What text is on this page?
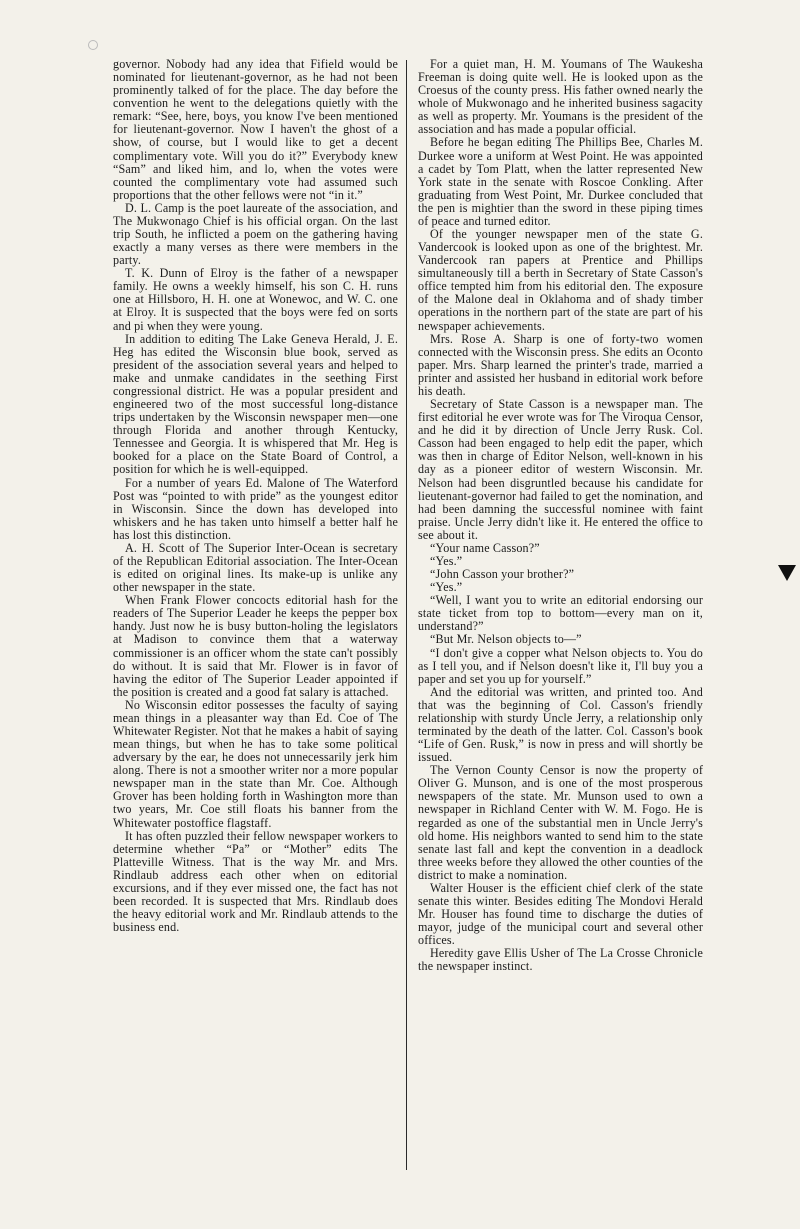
governor. Nobody had any idea that Fifield would be nominated for lieutenant-governor, as he had not been prominently talked of for the place. The day before the convention he went to the delegations quietly with the remark: “See, here, boys, you know I've been mentioned for lieutenant-governor. Now I haven't the ghost of a show, of course, but I would like to get a decent complimentary vote. Will you do it?” Everybody knew “Sam” and liked him, and lo, when the votes were counted the complimentary vote had assumed such proportions that the other fellows were not “in it.”

D. L. Camp is the poet laureate of the association, and The Mukwonago Chief is his official organ. On the last trip South, he inflicted a poem on the gathering having exactly a many verses as there were members in the party.

T. K. Dunn of Elroy is the father of a newspaper family. He owns a weekly himself, his son C. H. runs one at Hillsboro, H. H. one at Wonewoc, and W. C. one at Elroy. It is suspected that the boys were fed on sorts and pi when they were young.

In addition to editing The Lake Geneva Herald, J. E. Heg has edited the Wisconsin blue book, served as president of the association several years and helped to make and unmake candidates in the seething First congressional district. He was a popular president and engineered two of the most successful long-distance trips undertaken by the Wisconsin newspaper men—one through Florida and another through Kentucky, Tennessee and Georgia. It is whispered that Mr. Heg is booked for a place on the State Board of Control, a position for which he is well-equipped.

For a number of years Ed. Malone of The Waterford Post was “pointed to with pride” as the youngest editor in Wisconsin. Since the down has developed into whiskers and he has taken unto himself a better half he has lost this distinction.

A. H. Scott of The Superior Inter-Ocean is secretary of the Republican Editorial association. The Inter-Ocean is edited on original lines. Its make-up is unlike any other newspaper in the state.

When Frank Flower concocts editorial hash for the readers of The Superior Leader he keeps the pepper box handy. Just now he is busy button-holing the legislators at Madison to convince them that a waterway commissioner is an officer whom the state can't possibly do without. It is said that Mr. Flower is in favor of having the editor of The Superior Leader appointed if the position is created and a good fat salary is attached.

No Wisconsin editor possesses the faculty of saying mean things in a pleasanter way than Ed. Coe of The Whitewater Register. Not that he makes a habit of saying mean things, but when he has to take some political adversary by the ear, he does not unnecessarily jerk him along. There is not a smoother writer nor a more popular newspaper man in the state than Mr. Coe. Although Grover has been holding forth in Washington more than two years, Mr. Coe still floats his banner from the Whitewater postoffice flagstaff.

It has often puzzled their fellow newspaper workers to determine whether “Pa” or “Mother” edits The Platteville Witness. That is the way Mr. and Mrs. Rindlaub address each other when on editorial excursions, and if they ever missed one, the fact has not been recorded. It is suspected that Mrs. Rindlaub does the heavy editorial work and Mr. Rindlaub attends to the business end.

For a quiet man, H. M. Youmans of The Waukesha Freeman is doing quite well. He is looked upon as the Croesus of the county press. His father owned nearly the whole of Mukwonago and he inherited business sagacity as well as property. Mr. Youmans is the president of the association and has made a popular official.

Before he began editing The Phillips Bee, Charles M. Durkee wore a uniform at West Point. He was appointed a cadet by Tom Platt, when the latter represented New York state in the senate with Roscoe Conkling. After graduating from West Point, Mr. Durkee concluded that the pen is mightier than the sword in these piping times of peace and turned editor.

Of the younger newspaper men of the state G. Vandercook is looked upon as one of the brightest. Mr. Vandercook ran papers at Prentice and Phillips simultaneously till a berth in Secretary of State Casson's office tempted him from his editorial den. The exposure of the Malone deal in Oklahoma and of shady timber operations in the northern part of the state are part of his newspaper achievements.

Mrs. Rose A. Sharp is one of forty-two women connected with the Wisconsin press. She edits an Oconto paper. Mrs. Sharp learned the printer's trade, married a printer and assisted her husband in editorial work before his death.

Secretary of State Casson is a newspaper man. The first editorial he ever wrote was for The Viroqua Censor, and he did it by direction of Uncle Jerry Rusk. Col. Casson had been engaged to help edit the paper, which was then in charge of Editor Nelson, well-known in his day as a pioneer editor of western Wisconsin. Mr. Nelson had been disgruntled because his candidate for lieutenant-governor had failed to get the nomination, and had been damning the successful nominee with faint praise. Uncle Jerry didn't like it. He entered the office to see about it.

“Your name Casson?”

“Yes.”

“John Casson your brother?”

“Yes.”

“Well, I want you to write an editorial endorsing our state ticket from top to bottom—every man on it, understand?”

“But Mr. Nelson objects to—”

“I don't give a copper what Nelson objects to. You do as I tell you, and if Nelson doesn't like it, I'll buy you a paper and set you up for yourself.”

And the editorial was written, and printed too. And that was the beginning of Col. Casson's friendly relationship with sturdy Uncle Jerry, a relationship only terminated by the death of the latter. Col. Casson's book “Life of Gen. Rusk,” is now in press and will shortly be issued.

The Vernon County Censor is now the property of Oliver G. Munson, and is one of the most prosperous newspapers of the state. Mr. Munson used to own a newspaper in Richland Center with W. M. Fogo. He is regarded as one of the substantial men in Uncle Jerry's old home. His neighbors wanted to send him to the state senate last fall and kept the convention in a deadlock three weeks before they allowed the other counties of the district to make a nomination.

Walter Houser is the efficient chief clerk of the state senate this winter. Besides editing The Mondovi Herald Mr. Houser has found time to discharge the duties of mayor, judge of the municipal court and several other offices.

Heredity gave Ellis Usher of The La Crosse Chronicle the newspaper instinct.
